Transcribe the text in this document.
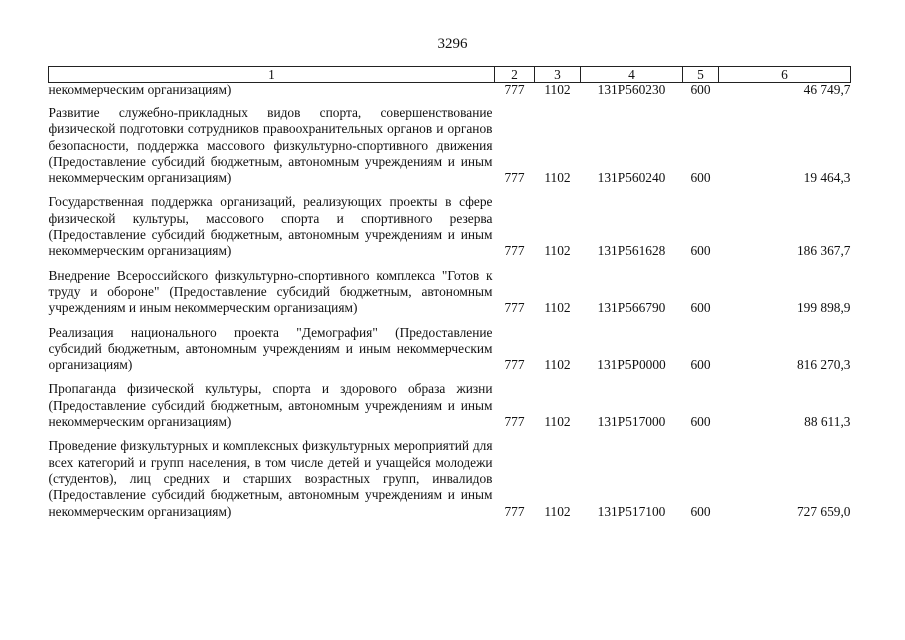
3296
1	2	3	4	5	6
некоммерческим организациям)	777	1102	131P560230	600	46 749,7

Развитие служебно-прикладных видов спорта, совершенствование физической подготовки сотрудников правоохранительных органов и органов безопасности, поддержка массового физкультурно-спортивного движения (Предоставление субсидий бюджетным, автономным учреждениям и иным некоммерческим организациям)	777	1102	131P560240	600	19 464,3

Государственная поддержка организаций, реализующих проекты в сфере физической культуры, массового спорта и спортивного резерва (Предоставление субсидий бюджетным, автономным учреждениям и иным некоммерческим организациям)	777	1102	131P561628	600	186 367,7

Внедрение Всероссийского физкультурно-спортивного комплекса "Готов к труду и обороне" (Предоставление субсидий бюджетным, автономным учреждениям и иным некоммерческим организациям)	777	1102	131P566790	600	199 898,9

Реализация национального проекта "Демография" (Предоставление субсидий бюджетным, автономным учреждениям и иным некоммерческим организациям)	777	1102	131P5P0000	600	816 270,3

Пропаганда физической культуры, спорта и здорового образа жизни (Предоставление субсидий бюджетным, автономным учреждениям и иным некоммерческим организациям)	777	1102	131P517000	600	88 611,3

Проведение физкультурных и комплексных физкультурных мероприятий для всех категорий и групп населения, в том числе детей и учащейся молодежи (студентов), лиц средних и старших возрастных групп, инвалидов (Предоставление субсидий бюджетным, автономным учреждениям и иным некоммерческим организациям)	777	1102	131P517100	600	727 659,0
